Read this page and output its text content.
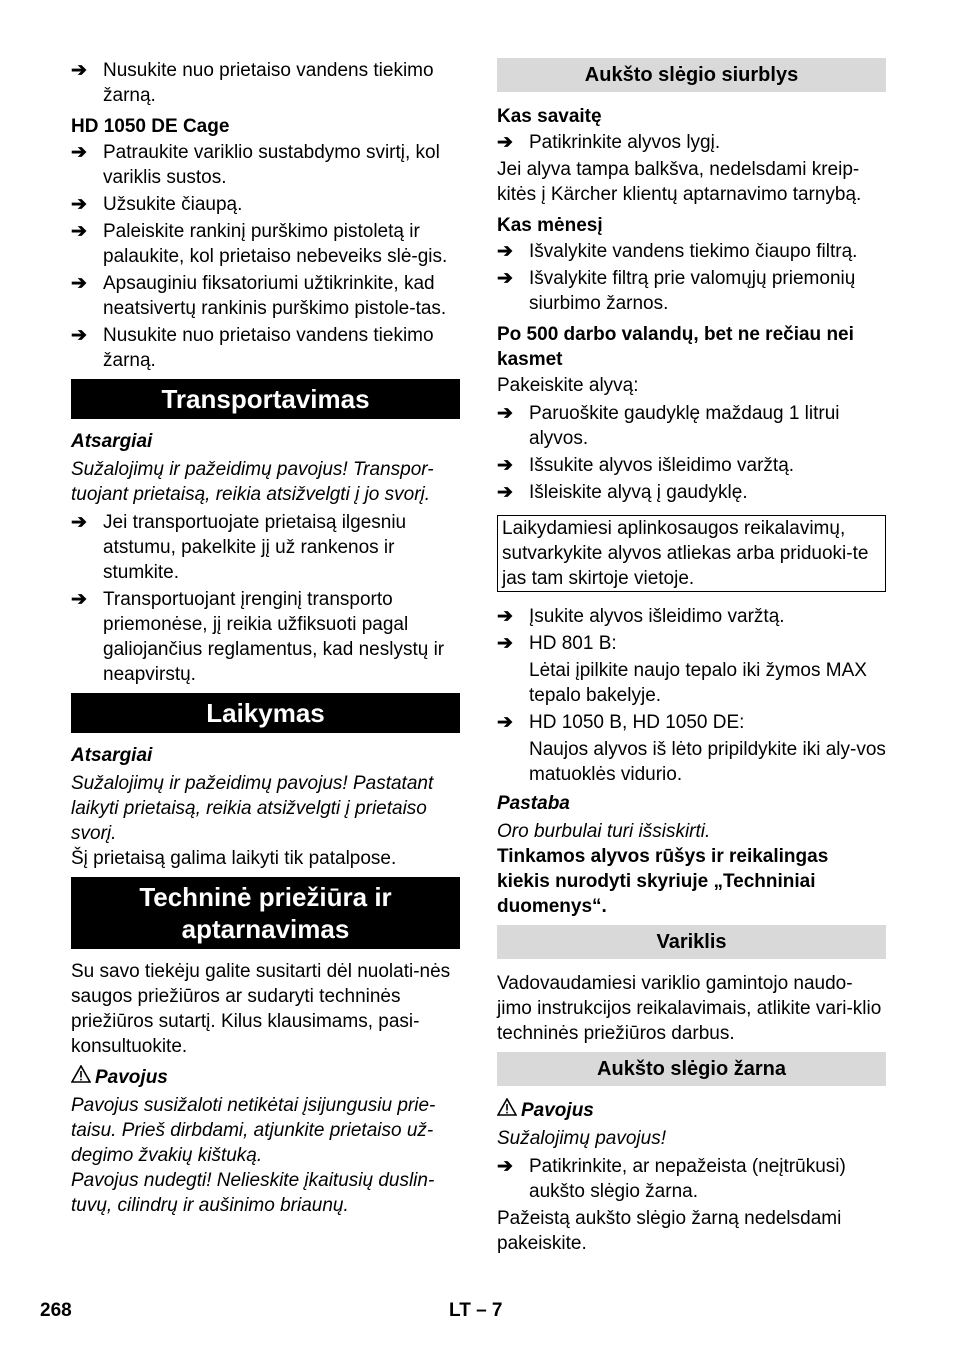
➔ Nusukite nuo prietaiso vandens tiekimo žarną.

HD 1050 DE Cage

➔ Patraukite variklio sustabdymo svirtį, kol variklis sustos.
➔ Užsukite čiaupą.
➔ Paleiskite rankinį purškimo pistoletą ir palaukite, kol prietaiso nebeveiks slė-gis.
➔ Apsauginiu fiksatoriumi užtikrinkite, kad neatsivertų rankinis purškimo pistole-tas.
➔ Nusukite nuo prietaiso vandens tiekimo žarną.
Transportavimas

Atsargiai

Sužalojimų ir pažeidimų pavojus! Transpor-tuojant prietaisą, reikia atsižvelgti į jo svorį.

➔ Jei transportuojate prietaisą ilgesniu atstumu, pakelkite jį už rankenos ir stumkite.
➔ Transportuojant įrenginį transporto priemonėse, jį reikia užfiksuoti pagal galiojančius reglamentus, kad neslystų ir neapvirstų.
Laikymas

Atsargiai

Sužalojimų ir pažeidimų pavojus! Pastatant laikyti prietaisą, reikia atsižvelgti į prietaiso svorį.

Šį prietaisą galima laikyti tik patalpose.

Techninė priežiūra ir aptarnavimas

Su savo tiekėju galite susitarti dėl nuolati-nės saugos priežiūros ar sudaryti techninės priežiūros sutartį. Kilus klausimams, pasi-konsultuokite.

Pavojus

Pavojus susižaloti netikėtai įsijungusiu prie-taisu. Prieš dirbdami, atjunkite prietaiso už-degimo žvakių kištuką.

Pavojus nudegti! Nelieskite įkaitusių duslin-tuvų, cilindrų ir aušinimo briaunų.

Aukšto slėgio siurblys

Kas savaitę

➔ Patikrinkite alyvos lygį.

Jei alyva tampa balkšva, nedelsdami kreip-kitės į Kärcher klientų aptarnavimo tarnybą.

Kas mėnesį

➔ Išvalykite vandens tiekimo čiaupo filtrą.
➔ Išvalykite filtrą prie valomųjų priemonių siurbimo žarnos.

Po 500 darbo valandų, bet ne rečiau nei kasmet

Pakeiskite alyvą:

➔ Paruoškite gaudyklę maždaug 1 litrui alyvos.
➔ Išsukite alyvos išleidimo varžtą.
➔ Išleiskite alyvą į gaudyklę.
Laikydamiesi aplinkosaugos reikalavimų, sutvarkykite alyvos atliekas arba priduoki-te jas tam skirtoje vietoje.
➔ Įsukite alyvos išleidimo varžtą.
➔ HD 801 B:

Lėtai įpilkite naujo tepalo iki žymos MAX tepalo bakelyje.

➔ HD 1050 B, HD 1050 DE:

Naujos alyvos iš lėto pripildykite iki aly-vos matuoklės vidurio.

Pastaba

Oro burbulai turi išsiskirti.

Tinkamos alyvos rūšys ir reikalingas kiekis nurodyti skyriuje „Techniniai duomenys“.

Variklis

Vadovaudamiesi variklio gamintojo naudo-jimo instrukcijos reikalavimais, atlikite vari-klio techninės priežiūros darbus.

Aukšto slėgio žarna

Pavojus

Sužalojimų pavojus!

➔ Patikrinkite, ar nepažeista (neįtrūkusi) aukšto slėgio žarna.

Pažeistą aukšto slėgio žarną nedelsdami pakeiskite.

268	LT – 7
